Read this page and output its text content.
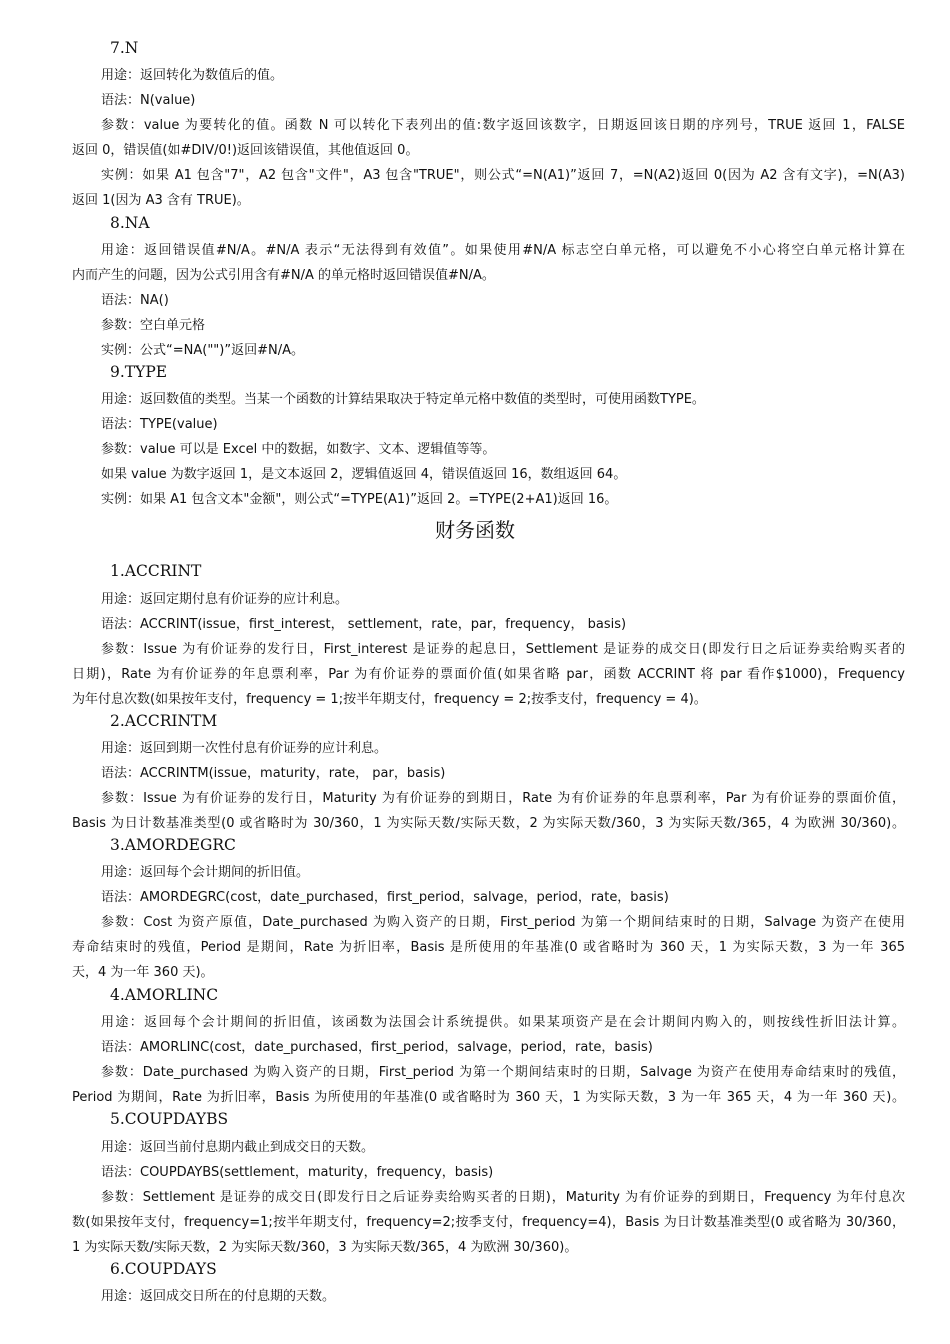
7.N
用途：返回转化为数值后的值。
语法：N(value)
参数：value 为要转化的值。函数 N 可以转化下表列出的值:数字返回该数字，日期返回该日期的序列号，TRUE 返回 1，FALSE
返回 0，错误值(如#DIV/0!)返回该错误值，其他值返回 0。
实例：如果 A1 包含"7"，A2 包含"文件"，A3 包含"TRUE"，则公式“=N(A1)”返回 7，=N(A2)返回 0(因为 A2 含有文字)，=N(A3)
返回 1(因为 A3 含有 TRUE)。
8.NA
用途：返回错误值#N/A。#N/A 表示“无法得到有效值”。如果使用#N/A 标志空白单元格，可以避免不小心将空白单元格计算在
内而产生的问题，因为公式引用含有#N/A 的单元格时返回错误值#N/A。
语法：NA()
参数：空白单元格
实例：公式“=NA("")”返回#N/A。
9.TYPE
用途：返回数值的类型。当某一个函数的计算结果取决于特定单元格中数值的类型时，可使用函数TYPE。
语法：TYPE(value)
参数：value 可以是 Excel 中的数据，如数字、文本、逻辑值等等。
如果 value 为数字返回 1，是文本返回 2，逻辑值返回 4，错误值返回 16，数组返回 64。
实例：如果 A1 包含文本"金额"，则公式“=TYPE(A1)”返回 2。=TYPE(2+A1)返回 16。
财务函数
1.ACCRINT
用途：返回定期付息有价证券的应计利息。
语法：ACCRINT(issue，first_interest， settlement，rate，par，frequency， basis)
参数：Issue 为有价证券的发行日，First_interest 是证券的起息日，Settlement 是证券的成交日(即发行日之后证券卖给购买者的
日期)，Rate 为有价证券的年息票利率，Par 为有价证券的票面价值(如果省略 par，函数 ACCRINT 将 par 看作$1000)，Frequency
为年付息次数(如果按年支付，frequency = 1;按半年期支付，frequency = 2;按季支付，frequency = 4)。
2.ACCRINTM
用途：返回到期一次性付息有价证券的应计利息。
语法：ACCRINTM(issue，maturity，rate， par，basis)
参数：Issue 为有价证券的发行日，Maturity 为有价证券的到期日，Rate 为有价证券的年息票利率，Par 为有价证券的票面价值，
Basis 为日计数基准类型(0 或省略时为 30/360，1 为实际天数/实际天数，2 为实际天数/360，3 为实际天数/365，4 为欧洲 30/360)。
3.AMORDEGRC
用途：返回每个会计期间的折旧值。
语法：AMORDEGRC(cost，date_purchased，first_period，salvage，period，rate，basis)
参数：Cost 为资产原值，Date_purchased 为购入资产的日期，First_period 为第一个期间结束时的日期，Salvage 为资产在使用
寿命结束时的残值，Period 是期间，Rate 为折旧率，Basis 是所使用的年基准(0 或省略时为 360 天，1 为实际天数，3 为一年 365
天，4 为一年 360 天)。
4.AMORLINC
用途：返回每个会计期间的折旧值，该函数为法国会计系统提供。如果某项资产是在会计期间内购入的，则按线性折旧法计算。
语法：AMORLINC(cost，date_purchased，first_period，salvage，period，rate，basis)
参数：Date_purchased 为购入资产的日期，First_period 为第一个期间结束时的日期，Salvage 为资产在使用寿命结束时的残值，
Period 为期间，Rate 为折旧率，Basis 为所使用的年基准(0 或省略时为 360 天，1 为实际天数，3 为一年 365 天，4 为一年 360 天)。
5.COUPDAYBS
用途：返回当前付息期内截止到成交日的天数。
语法：COUPDAYBS(settlement，maturity，frequency，basis)
参数：Settlement 是证券的成交日(即发行日之后证券卖给购买者的日期)，Maturity 为有价证券的到期日，Frequency 为年付息次
数(如果按年支付，frequency=1;按半年期支付，frequency=2;按季支付，frequency=4)，Basis 为日计数基准类型(0 或省略为 30/360，
1 为实际天数/实际天数，2 为实际天数/360，3 为实际天数/365，4 为欧洲 30/360)。
6.COUPDAYS
用途：返回成交日所在的付息期的天数。
